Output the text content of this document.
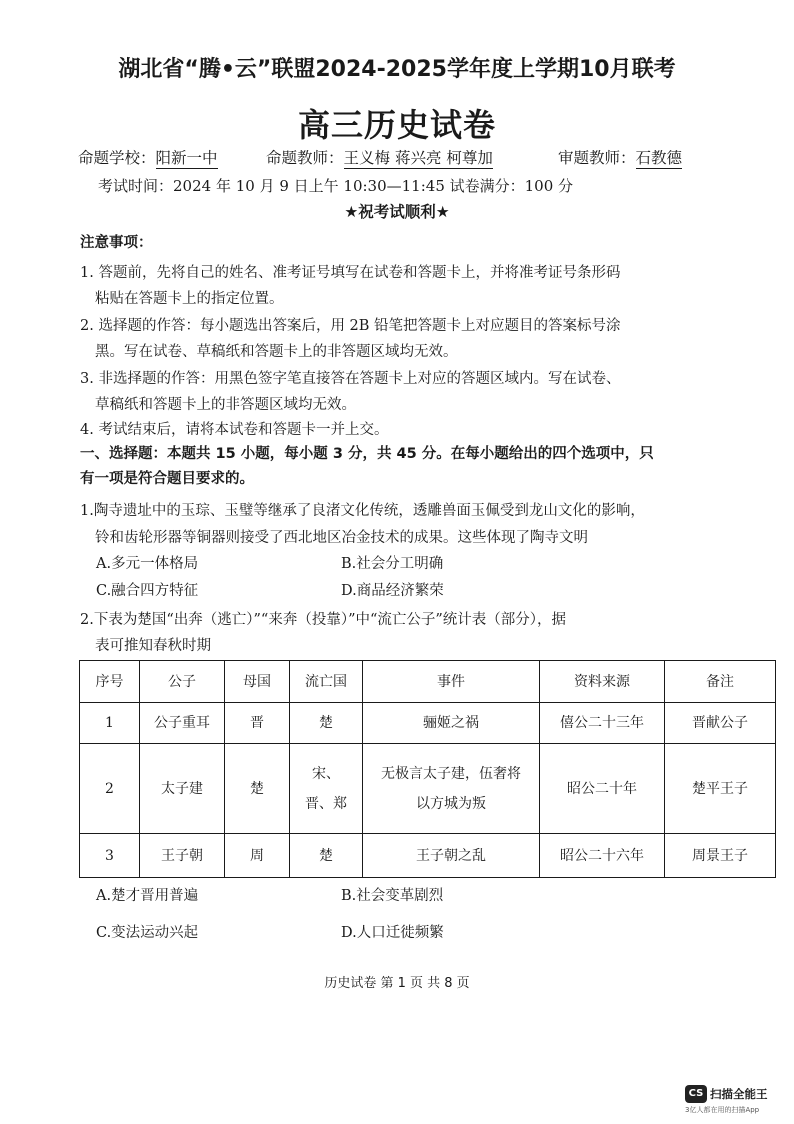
湖北省“腾•云”联盟2024-2025学年度上学期10月联考
高三历史试卷
命题学校：阳新一中	命题教师：王义梅 蒋兴亮 柯尊加	审题教师：石教德
考试时间：2024 年 10 月 9 日上午 10:30—11:45 试卷满分：100 分
★祝考试顺利★
注意事项：
1. 答题前，先将自己的姓名、准考证号填写在试卷和答题卡上，并将准考证号条形码
粘贴在答题卡上的指定位置。
2. 选择题的作答：每小题选出答案后，用 2B 铅笔把答题卡上对应题目的答案标号涂
黑。写在试卷、草稿纸和答题卡上的非答题区域均无效。
3. 非选择题的作答：用黑色签字笔直接答在答题卡上对应的答题区域内。写在试卷、
草稿纸和答题卡上的非答题区域均无效。
4. 考试结束后，请将本试卷和答题卡一并上交。
一、选择题：本题共 15 小题，每小题 3 分，共 45 分。在每小题给出的四个选项中，只
有一项是符合题目要求的。
1.陶寺遗址中的玉琮、玉璧等继承了良渚文化传统，透雕兽面玉佩受到龙山文化的影响，
铃和齿轮形器等铜器则接受了西北地区冶金技术的成果。这些体现了陶寺文明
A.多元一体格局	B.社会分工明确
C.融合四方特征	D.商品经济繁荣
2.下表为楚国“出奔（逃亡）”“来奔（投靠）”中“流亡公子”统计表（部分），据
表可推知春秋时期
序号	公子	母国	流亡国	事件	资料来源	备注
1	公子重耳	晋	楚	骊姬之祸	僖公二十三年	晋献公子
2	太子建	楚	宋、晋、郑	无极言太子建，伍奢将以方城为叛	昭公二十年	楚平王子
3	王子朝	周	楚	王子朝之乱	昭公二十六年	周景王子
A.楚才晋用普遍	B.社会变革剧烈
C.变法运动兴起	D.人口迁徙频繁
历史试卷 第 1 页 共 8 页
CS 扫描全能王
3亿人都在用的扫描App
